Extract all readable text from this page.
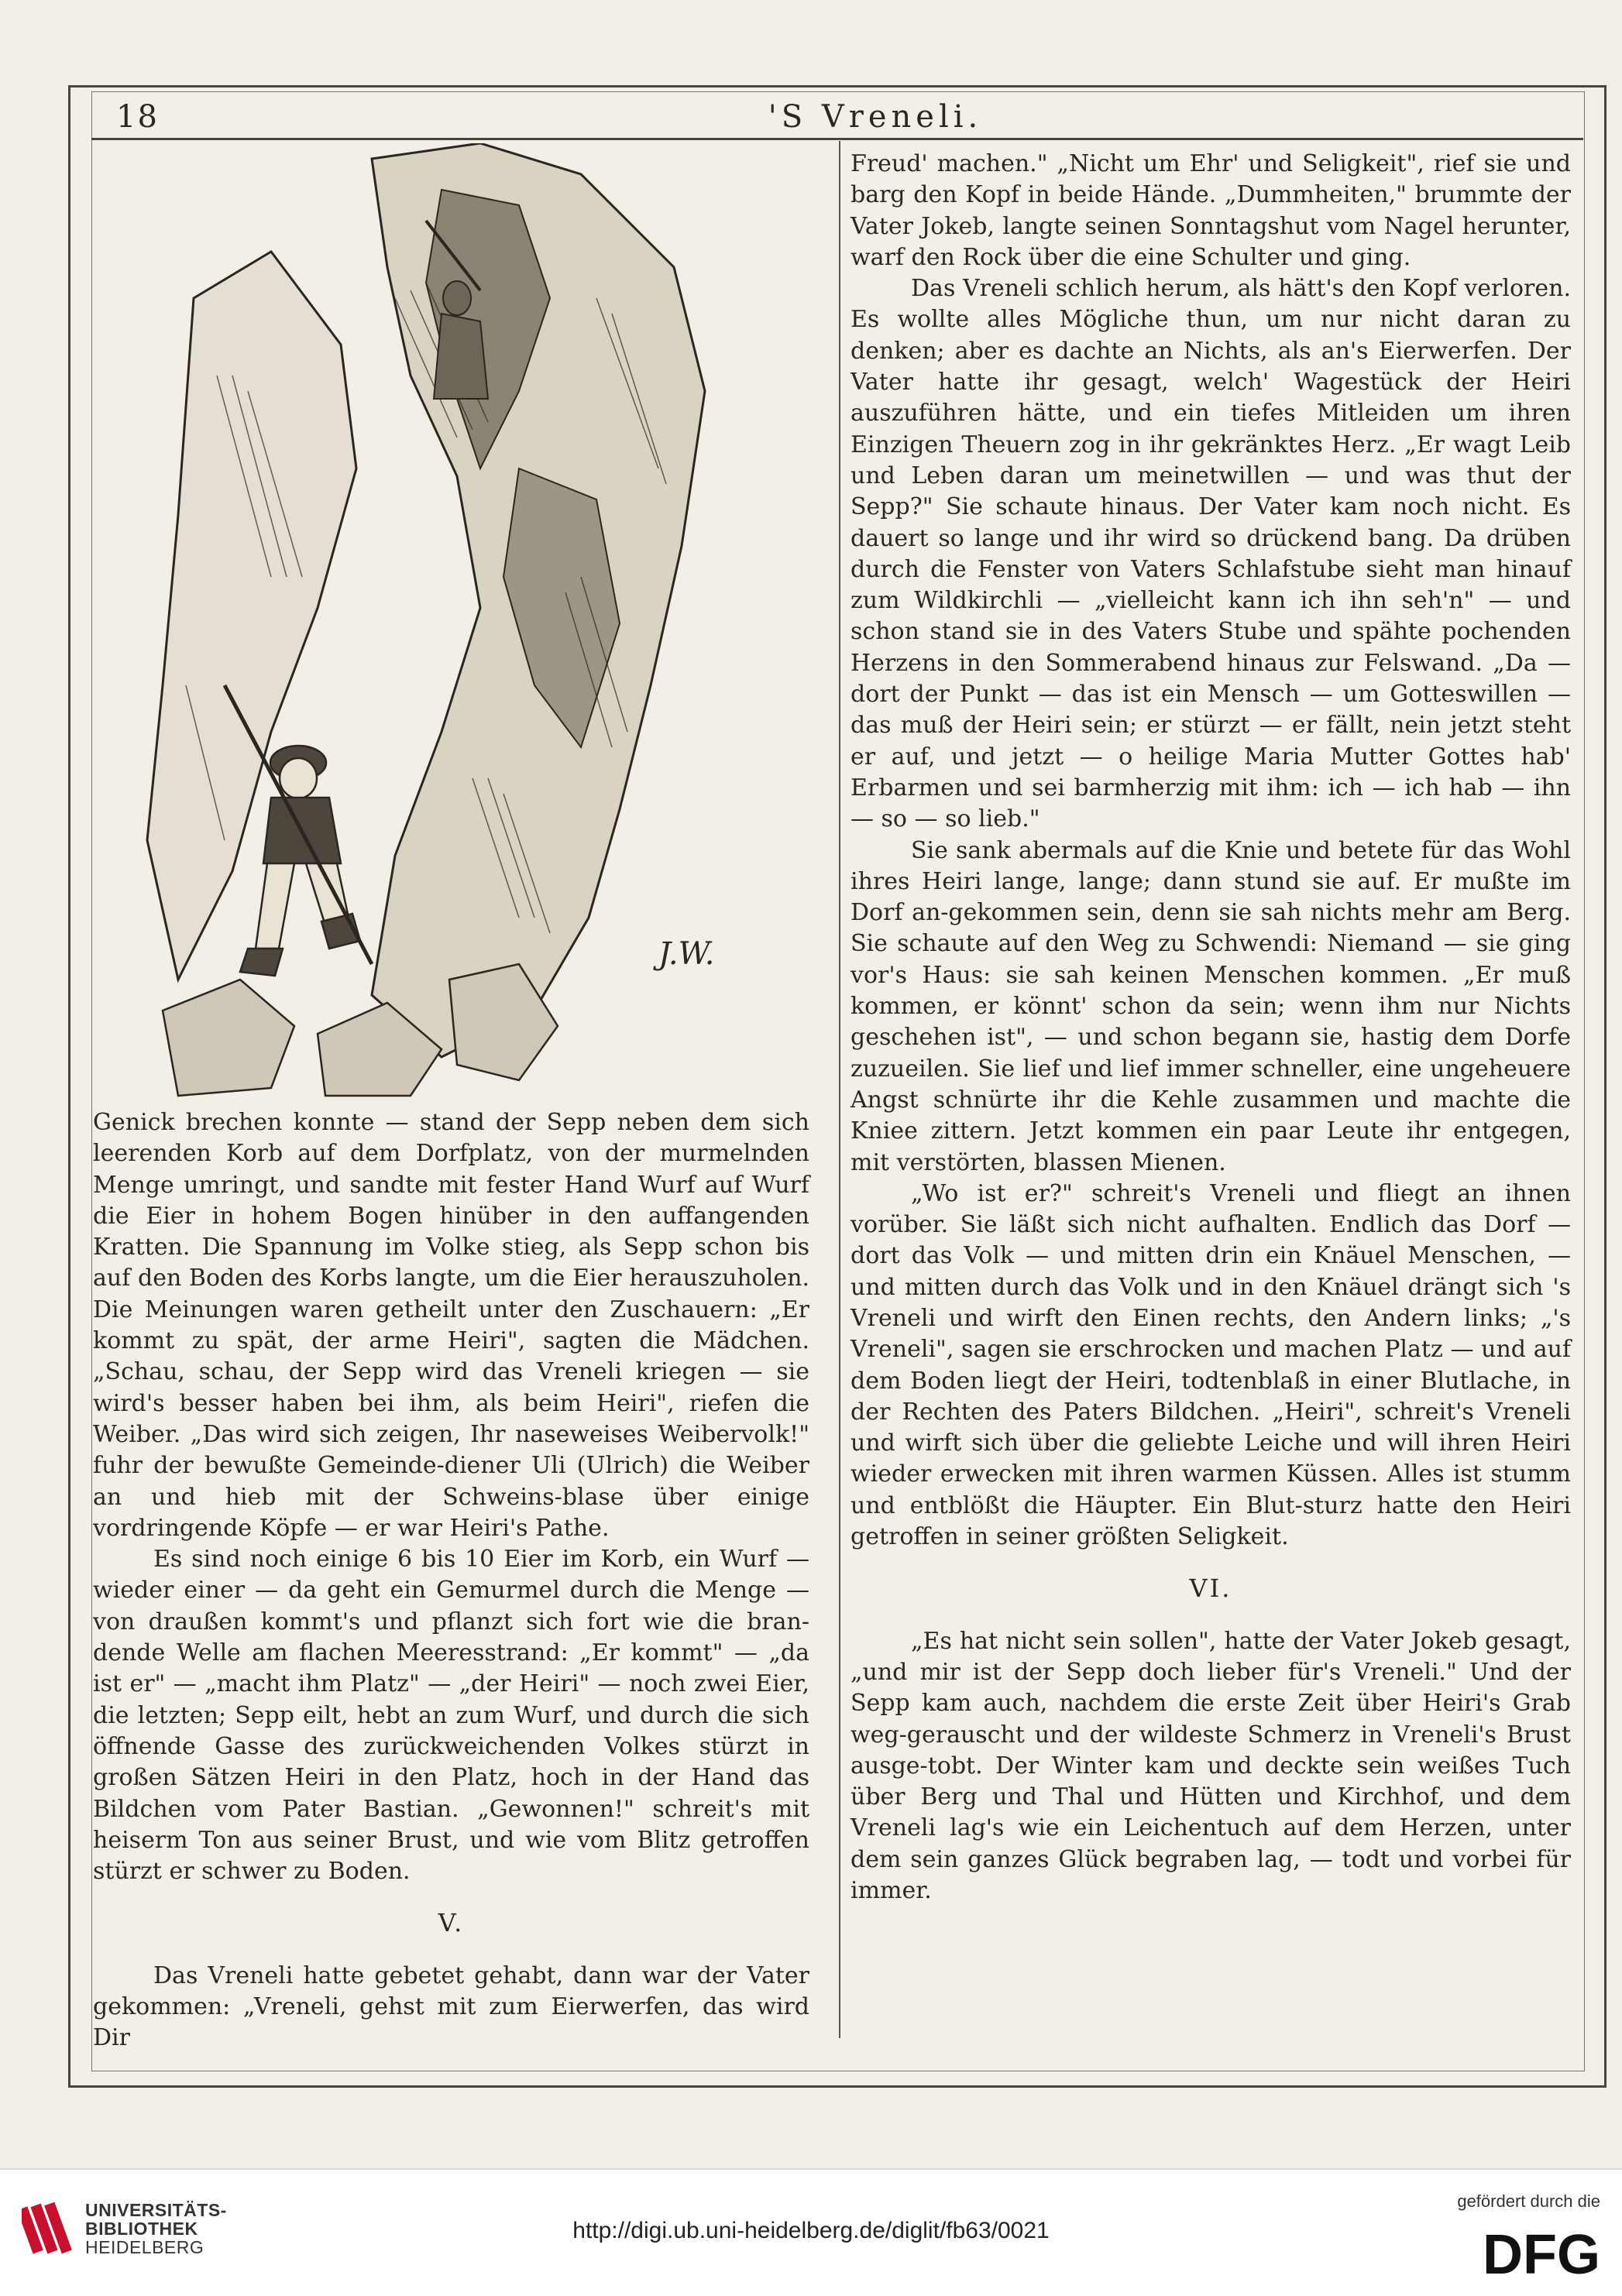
18	'S Vreneli.
J.W.

Genick brechen konnte — stand der Sepp neben dem sich leerenden Korb auf dem Dorfplatz, von der murmelnden Menge umringt, und sandte mit fester Hand Wurf auf Wurf die Eier in hohem Bogen hinüber in den auffangenden Kratten. Die Spannung im Volke stieg, als Sepp schon bis auf den Boden des Korbs langte, um die Eier herauszuholen. Die Meinungen waren getheilt unter den Zuschauern: „Er kommt zu spät, der arme Heiri", sagten die Mädchen. „Schau, schau, der Sepp wird das Vreneli kriegen — sie wird's besser haben bei ihm, als beim Heiri", riefen die Weiber. „Das wird sich zeigen, Ihr naseweises Weibervolk!" fuhr der bewußte Gemeinde-diener Uli (Ulrich) die Weiber an und hieb mit der Schweins-blase über einige vordringende Köpfe — er war Heiri's Pathe.

Es sind noch einige 6 bis 10 Eier im Korb, ein Wurf — wieder einer — da geht ein Gemurmel durch die Menge — von draußen kommt's und pflanzt sich fort wie die bran-dende Welle am flachen Meeresstrand: „Er kommt" — „da ist er" — „macht ihm Platz" — „der Heiri" — noch zwei Eier, die letzten; Sepp eilt, hebt an zum Wurf, und durch die sich öffnende Gasse des zurückweichenden Volkes stürzt in großen Sätzen Heiri in den Platz, hoch in der Hand das Bildchen vom Pater Bastian. „Gewonnen!" schreit's mit heiserm Ton aus seiner Brust, und wie vom Blitz getroffen stürzt er schwer zu Boden.

V.

Das Vreneli hatte gebetet gehabt, dann war der Vater gekommen: „Vreneli, gehst mit zum Eierwerfen, das wird Dir

Freud' machen." „Nicht um Ehr' und Seligkeit", rief sie und barg den Kopf in beide Hände. „Dummheiten," brummte der Vater Jokeb, langte seinen Sonntagshut vom Nagel herunter, warf den Rock über die eine Schulter und ging.

Das Vreneli schlich herum, als hätt's den Kopf verloren. Es wollte alles Mögliche thun, um nur nicht daran zu denken; aber es dachte an Nichts, als an's Eierwerfen. Der Vater hatte ihr gesagt, welch' Wagestück der Heiri auszuführen hätte, und ein tiefes Mitleiden um ihren Einzigen Theuern zog in ihr gekränktes Herz. „Er wagt Leib und Leben daran um meinetwillen — und was thut der Sepp?" Sie schaute hinaus. Der Vater kam noch nicht. Es dauert so lange und ihr wird so drückend bang. Da drüben durch die Fenster von Vaters Schlafstube sieht man hinauf zum Wildkirchli — „vielleicht kann ich ihn seh'n" — und schon stand sie in des Vaters Stube und spähte pochenden Herzens in den Sommerabend hinaus zur Felswand. „Da — dort der Punkt — das ist ein Mensch — um Gotteswillen — das muß der Heiri sein; er stürzt — er fällt, nein jetzt steht er auf, und jetzt — o heilige Maria Mutter Gottes hab' Erbarmen und sei barmherzig mit ihm: ich — ich hab — ihn — so — so lieb."

Sie sank abermals auf die Knie und betete für das Wohl ihres Heiri lange, lange; dann stund sie auf. Er mußte im Dorf an-gekommen sein, denn sie sah nichts mehr am Berg. Sie schaute auf den Weg zu Schwendi: Niemand — sie ging vor's Haus: sie sah keinen Menschen kommen. „Er muß kommen, er könnt' schon da sein; wenn ihm nur Nichts geschehen ist", — und schon begann sie, hastig dem Dorfe zuzueilen. Sie lief und lief immer schneller, eine ungeheuere Angst schnürte ihr die Kehle zusammen und machte die Kniee zittern. Jetzt kommen ein paar Leute ihr entgegen, mit verstörten, blassen Mienen.

„Wo ist er?" schreit's Vreneli und fliegt an ihnen vorüber. Sie läßt sich nicht aufhalten. Endlich das Dorf — dort das Volk — und mitten drin ein Knäuel Menschen, — und mitten durch das Volk und in den Knäuel drängt sich 's Vreneli und wirft den Einen rechts, den Andern links; „'s Vreneli", sagen sie erschrocken und machen Platz — und auf dem Boden liegt der Heiri, todtenblaß in einer Blutlache, in der Rechten des Paters Bildchen. „Heiri", schreit's Vreneli und wirft sich über die geliebte Leiche und will ihren Heiri wieder erwecken mit ihren warmen Küssen. Alles ist stumm und entblößt die Häupter. Ein Blut-sturz hatte den Heiri getroffen in seiner größten Seligkeit.

VI.

„Es hat nicht sein sollen", hatte der Vater Jokeb gesagt, „und mir ist der Sepp doch lieber für's Vreneli." Und der Sepp kam auch, nachdem die erste Zeit über Heiri's Grab weg-gerauscht und der wildeste Schmerz in Vreneli's Brust ausge-tobt. Der Winter kam und deckte sein weißes Tuch über Berg und Thal und Hütten und Kirchhof, und dem Vreneli lag's wie ein Leichentuch auf dem Herzen, unter dem sein ganzes Glück begraben lag, — todt und vorbei für immer.

UNIVERSITÄTS-
BIBLIOTHEK
HEIDELBERG
http://digi.ub.uni-heidelberg.de/diglit/fb63/0021
gefördert durch die
DFG
